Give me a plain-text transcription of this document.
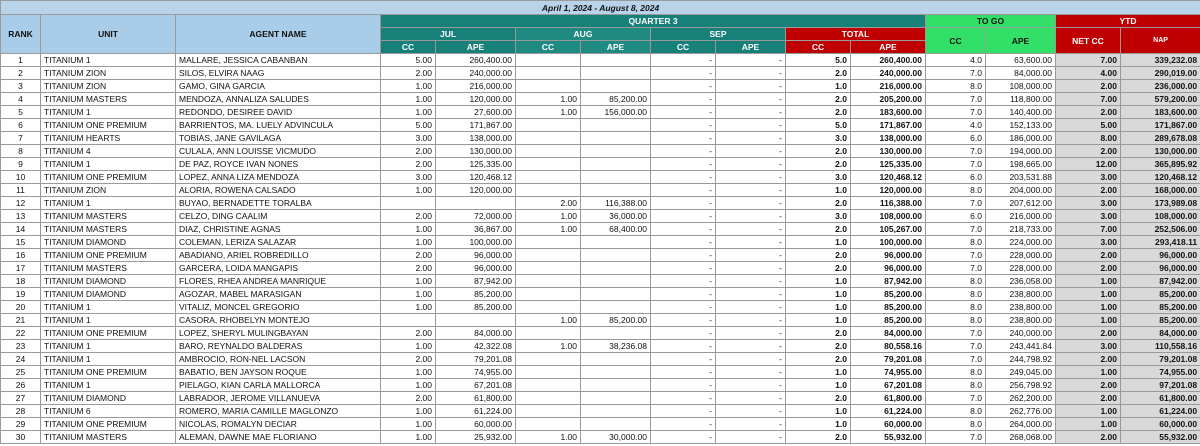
April 1, 2024 - August 8, 2024														
RANK	UNIT	AGENT NAME	QUARTER 3								TO GO		YTD	
			JUL		AUG		SEP		TOTAL		CC	APE	NET CC	NAP
			CC	APE	CC	APE	CC	APE	CC	APE				
1	TITANIUM 1	MALLARE, JESSICA CABANBAN	5.00	260,400.00			-	-	5.0	260,400.00	4.0	63,600.00	7.00	339,232.08
2	TITANIUM ZION	SILOS, ELVIRA NAAG	2.00	240,000.00			-	-	2.0	240,000.00	7.0	84,000.00	4.00	290,019.00
3	TITANIUM ZION	GAMO, GINA GARCIA	1.00	216,000.00			-	-	1.0	216,000.00	8.0	108,000.00	2.00	236,000.00
4	TITANIUM MASTERS	MENDOZA, ANNALIZA SALUDES	1.00	120,000.00	1.00	85,200.00	-	-	2.0	205,200.00	7.0	118,800.00	7.00	579,200.00
5	TITANIUM 1	REDONDO, DESIREE DAVID	1.00	27,600.00	1.00	156,000.00	-	-	2.0	183,600.00	7.0	140,400.00	2.00	183,600.00
6	TITANIUM ONE PREMIUM	BARRIENTOS, MA. LUELY ADVINCULA	5.00	171,867.00			-	-	5.0	171,867.00	4.0	152,133.00	5.00	171,867.00
7	TITANIUM HEARTS	TOBIAS, JANE GAVILAGA	3.00	138,000.00			-	-	3.0	138,000.00	6.0	186,000.00	8.00	289,678.08
8	TITANIUM 4	CULALA, ANN LOUISSE VICMUDO	2.00	130,000.00			-	-	2.0	130,000.00	7.0	194,000.00	2.00	130,000.00
9	TITANIUM 1	DE PAZ, ROYCE IVAN NONES	2.00	125,335.00			-	-	2.0	125,335.00	7.0	198,665.00	12.00	365,895.92
10	TITANIUM ONE PREMIUM	LOPEZ, ANNA LIZA MENDOZA	3.00	120,468.12			-	-	3.0	120,468.12	6.0	203,531.88	3.00	120,468.12
11	TITANIUM ZION	ALORIA, ROWENA CALSADO	1.00	120,000.00			-	-	1.0	120,000.00	8.0	204,000.00	2.00	168,000.00
12	TITANIUM 1	BUYAO, BERNADETTE TORALBA			2.00	116,388.00	-	-	2.0	116,388.00	7.0	207,612.00	3.00	173,989.08
13	TITANIUM MASTERS	CELZO, DING CAALIM	2.00	72,000.00	1.00	36,000.00	-	-	3.0	108,000.00	6.0	216,000.00	3.00	108,000.00
14	TITANIUM MASTERS	DIAZ, CHRISTINE AGNAS	1.00	36,867.00	1.00	68,400.00	-	-	2.0	105,267.00	7.0	218,733.00	7.00	252,506.00
15	TITANIUM DIAMOND	COLEMAN, LERIZA SALAZAR	1.00	100,000.00			-	-	1.0	100,000.00	8.0	224,000.00	3.00	293,418.11
16	TITANIUM ONE PREMIUM	ABADIANO, ARIEL ROBREDILLO	2.00	96,000.00			-	-	2.0	96,000.00	7.0	228,000.00	2.00	96,000.00
17	TITANIUM MASTERS	GARCERA, LOIDA MANGAPIS	2.00	96,000.00			-	-	2.0	96,000.00	7.0	228,000.00	2.00	96,000.00
18	TITANIUM DIAMOND	FLORES, RHEA ANDREA MANRIQUE	1.00	87,942.00			-	-	1.0	87,942.00	8.0	236,058.00	1.00	87,942.00
19	TITANIUM DIAMOND	AGOZAR, MABEL MARASIGAN	1.00	85,200.00			-	-	1.0	85,200.00	8.0	238,800.00	1.00	85,200.00
20	TITANIUM 1	VITALIZ, MONCEL GREGORIO	1.00	85,200.00			-	-	1.0	85,200.00	8.0	238,800.00	1.00	85,200.00
21	TITANIUM 1	CASORA, RHOBELYN MONTEJO			1.00	85,200.00	-	-	1.0	85,200.00	8.0	238,800.00	1.00	85,200.00
22	TITANIUM ONE PREMIUM	LOPEZ, SHERYL MULINGBAYAN	2.00	84,000.00			-	-	2.0	84,000.00	7.0	240,000.00	2.00	84,000.00
23	TITANIUM 1	BARO, REYNALDO BALDERAS	1.00	42,322.08	1.00	38,236.08	-	-	2.0	80,558.16	7.0	243,441.84	3.00	110,558.16
24	TITANIUM 1	AMBROCIO, RON-NEL LACSON	2.00	79,201.08			-	-	2.0	79,201.08	7.0	244,798.92	2.00	79,201.08
25	TITANIUM ONE PREMIUM	BABATIO, BEN JAYSON ROQUE	1.00	74,955.00			-	-	1.0	74,955.00	8.0	249,045.00	1.00	74,955.00
26	TITANIUM 1	PIELAGO, KIAN CARLA MALLORCA	1.00	67,201.08			-	-	1.0	67,201.08	8.0	256,798.92	2.00	97,201.08
27	TITANIUM DIAMOND	LABRADOR, JEROME VILLANUEVA	2.00	61,800.00			-	-	2.0	61,800.00	7.0	262,200.00	2.00	61,800.00
28	TITANIUM 6	ROMERO, MARIA CAMILLE MAGLONZO	1.00	61,224.00			-	-	1.0	61,224.00	8.0	262,776.00	1.00	61,224.00
29	TITANIUM ONE PREMIUM	NICOLAS, ROMALYN DECIAR	1.00	60,000.00			-	-	1.0	60,000.00	8.0	264,000.00	1.00	60,000.00
30	TITANIUM MASTERS	ALEMAN, DAWNE MAE FLORIANO	1.00	25,932.00	1.00	30,000.00	-	-	2.0	55,932.00	7.0	268,068.00	2.00	55,932.00
